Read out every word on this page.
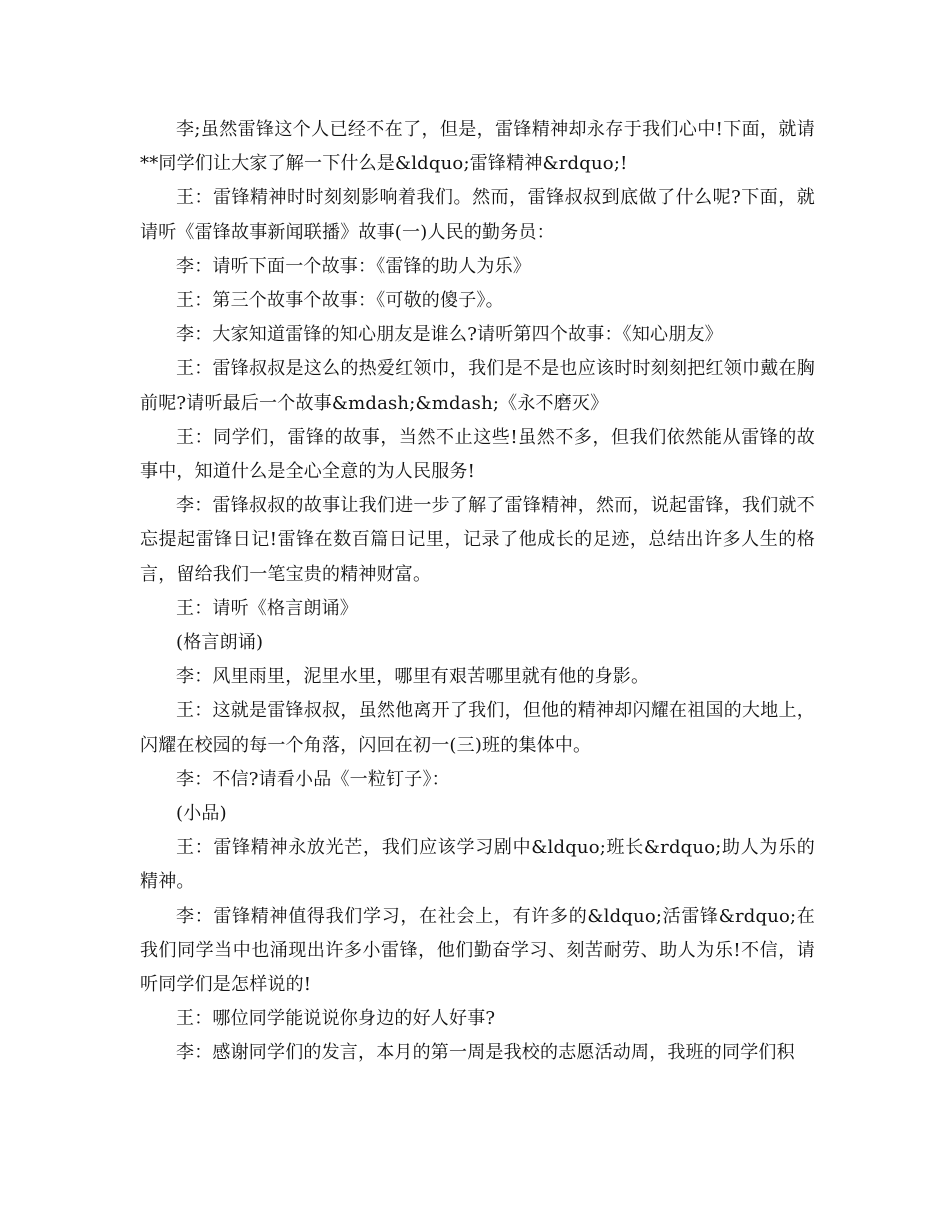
李;虽然雷锋这个人已经不在了，但是，雷锋精神却永存于我们心中!下面，就请**同学们让大家了解一下什么是&ldquo;雷锋精神&rdquo;!

王：雷锋精神时时刻刻影响着我们。然而，雷锋叔叔到底做了什么呢?下面，就请听《雷锋故事新闻联播》故事(一)人民的勤务员：

李：请听下面一个故事：《雷锋的助人为乐》

王：第三个故事个故事：《可敬的傻子》。

李：大家知道雷锋的知心朋友是谁么?请听第四个故事：《知心朋友》

王：雷锋叔叔是这么的热爱红领巾，我们是不是也应该时时刻刻把红领巾戴在胸前呢?请听最后一个故事&mdash;&mdash;《永不磨灭》

王：同学们，雷锋的故事，当然不止这些!虽然不多，但我们依然能从雷锋的故事中，知道什么是全心全意的为人民服务!

李：雷锋叔叔的故事让我们进一步了解了雷锋精神，然而，说起雷锋，我们就不忘提起雷锋日记!雷锋在数百篇日记里，记录了他成长的足迹，总结出许多人生的格言，留给我们一笔宝贵的精神财富。

王：请听《格言朗诵》

(格言朗诵)

李：风里雨里，泥里水里，哪里有艰苦哪里就有他的身影。

王：这就是雷锋叔叔，虽然他离开了我们，但他的精神却闪耀在祖国的大地上，闪耀在校园的每一个角落，闪回在初一(三)班的集体中。

李：不信?请看小品《一粒钉子》：

(小品)

王：雷锋精神永放光芒，我们应该学习剧中&ldquo;班长&rdquo;助人为乐的精神。

李：雷锋精神值得我们学习，在社会上，有许多的&ldquo;活雷锋&rdquo;在我们同学当中也涌现出许多小雷锋，他们勤奋学习、刻苦耐劳、助人为乐!不信，请听同学们是怎样说的!

王：哪位同学能说说你身边的好人好事?

李：感谢同学们的发言，本月的第一周是我校的志愿活动周，我班的同学们积
